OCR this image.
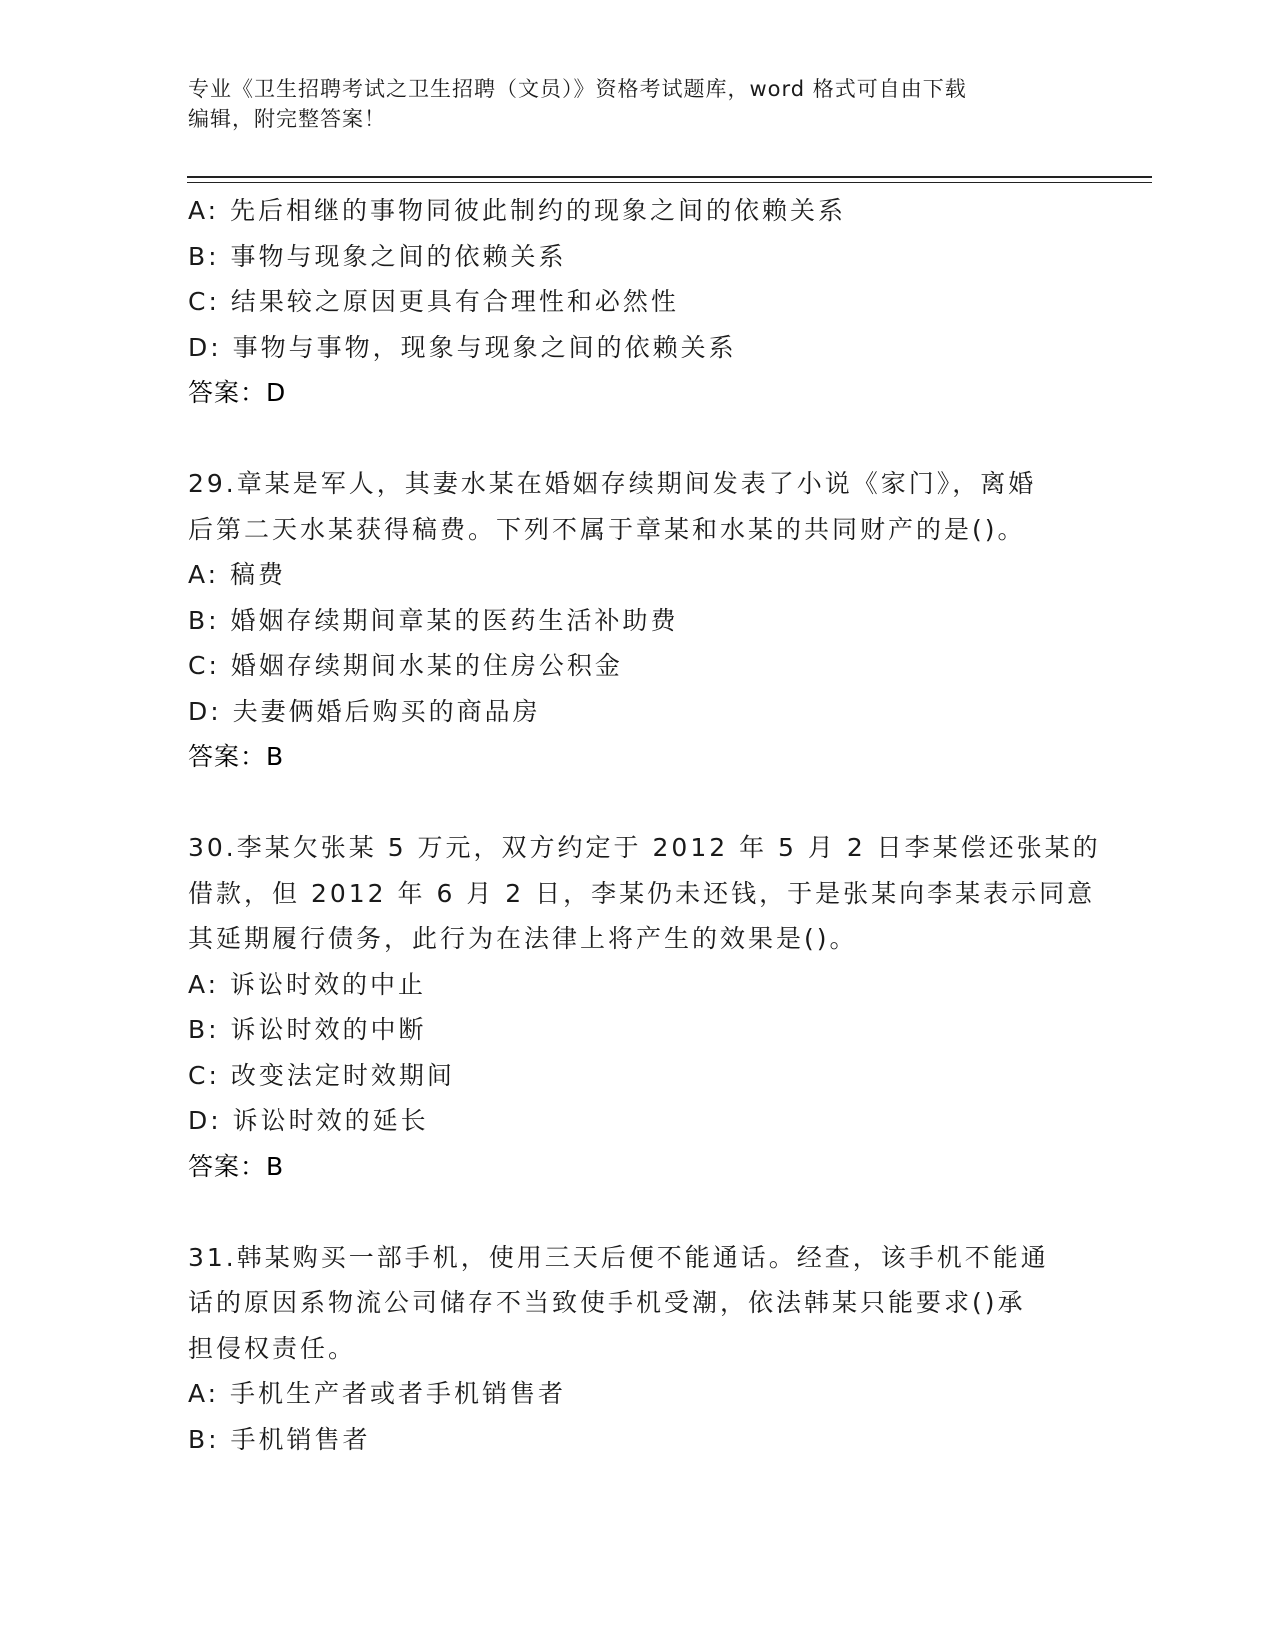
专业《卫生招聘考试之卫生招聘（文员）》资格考试题库，word 格式可自由下载
编辑，附完整答案！
A: 先后相继的事物同彼此制约的现象之间的依赖关系
B: 事物与现象之间的依赖关系
C: 结果较之原因更具有合理性和必然性
D: 事物与事物，现象与现象之间的依赖关系
答案：D
29.章某是军人，其妻水某在婚姻存续期间发表了小说《家门》，离婚
后第二天水某获得稿费。下列不属于章某和水某的共同财产的是()。
A: 稿费
B: 婚姻存续期间章某的医药生活补助费
C: 婚姻存续期间水某的住房公积金
D: 夫妻俩婚后购买的商品房
答案：B
30.李某欠张某 5 万元，双方约定于 2012 年 5 月 2 日李某偿还张某的
借款，但 2012 年 6 月 2 日，李某仍未还钱，于是张某向李某表示同意
其延期履行债务，此行为在法律上将产生的效果是()。
A: 诉讼时效的中止
B: 诉讼时效的中断
C: 改变法定时效期间
D: 诉讼时效的延长
答案：B
31.韩某购买一部手机，使用三天后便不能通话。经查，该手机不能通
话的原因系物流公司储存不当致使手机受潮，依法韩某只能要求()承
担侵权责任。
A: 手机生产者或者手机销售者
B: 手机销售者
